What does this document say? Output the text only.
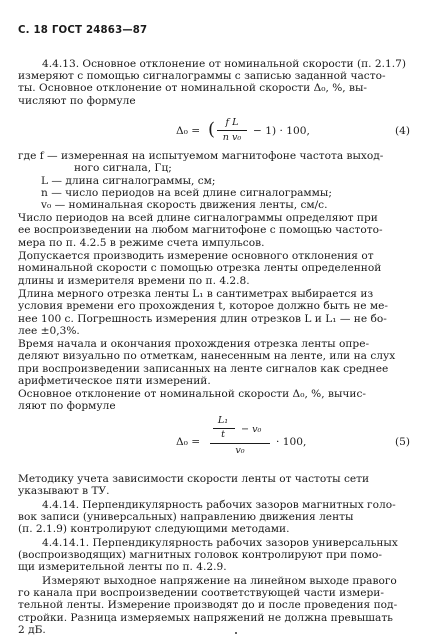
С. 18 ГОСТ 24863—87
4.4.13. Основное отклонение от номинальной скорости (п. 2.1.7)
измеряют с помощью сигналограммы с записью заданной часто-
ты. Основное отклонение от номинальной скорости Δ₀, %, вы-
числяют по формуле
Δ₀ = (	f L
n v₀
− 1) · 100,	(4)
где f — измеренная на испытуемом магнитофоне частота выход-
ного сигнала, Гц;
L — длина сигналограммы, см;
n — число периодов на всей длине сигналограммы;
v₀ — номинальная скорость движения ленты, см/с.
Число периодов на всей длине сигналограммы определяют при
ее воспроизведении на любом магнитофоне с помощью частото-
мера по п. 4.2.5 в режиме счета импульсов.
Допускается производить измерение основного отклонения от
номинальной скорости с помощью отрезка ленты определенной
длины и измерителя времени по п. 4.2.8.
Длина мерного отрезка ленты L₁ в сантиметрах выбирается из
условия времени его прохождения t, которое должно быть не ме-
нее 100 с. Погрешность измерения длин отрезков L и L₁ — не бо-
лее ±0,3%.
Время начала и окончания прохождения отрезка ленты опре-
деляют визуально по отметкам, нанесенным на ленте, или на слух
при воспроизведении записанных на ленте сигналов как среднее
арифметическое пяти измерений.
Основное отклонение от номинальной скорости Δ₀, %, вычис-
ляют по формуле
Δ₀ =
L₁
t	− v₀
v₀
· 100,	(5)
Методику учета зависимости скорости ленты от частоты сети
указывают в ТУ.
4.4.14. Перпендикулярность рабочих зазоров магнитных голо-
вок записи (универсальных) направлению движения ленты
(п. 2.1.9) контролируют следующими методами.
4.4.14.1. Перпендикулярность рабочих зазоров универсальных
(воспроизводящих) магнитных головок контролируют при помо-
щи измерительной ленты по п. 4.2.9.
Измеряют выходное напряжение на линейном выходе правого
го канала при воспроизведении соответствующей части измери-
тельной ленты. Измерение производят до и после проведения под-
стройки. Разница измеряемых напряжений не должна превышать
2 дБ.
